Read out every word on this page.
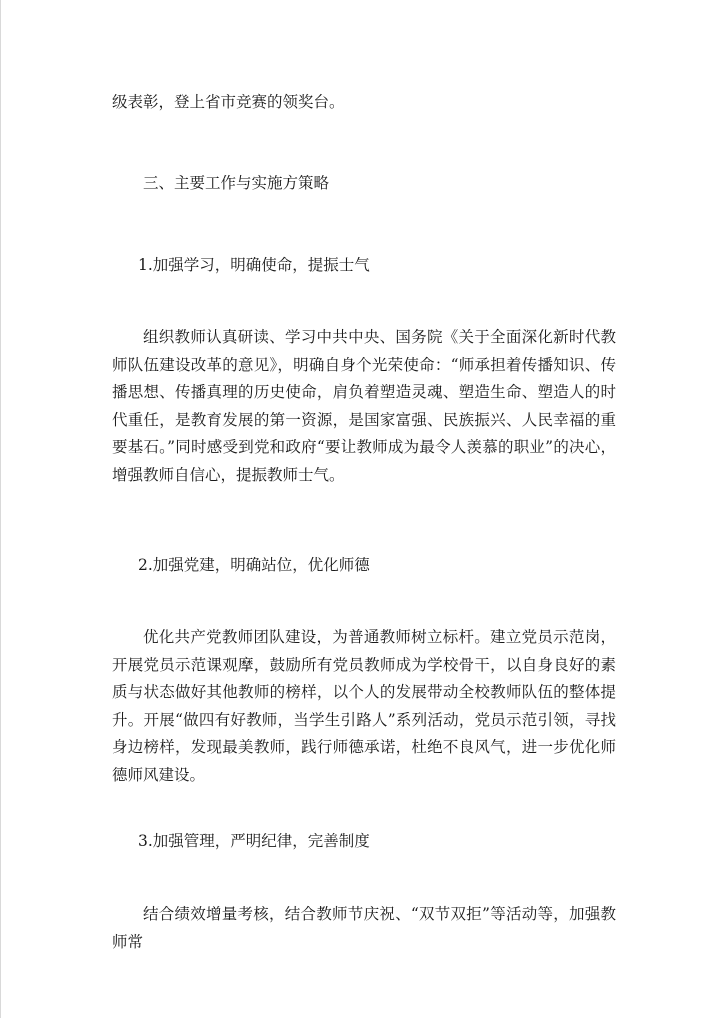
级表彰，登上省市竞赛的领奖台。
三、主要工作与实施方策略
1.加强学习，明确使命，提振士气
组织教师认真研读、学习中共中央、国务院《关于全面深化新时代教师队伍建设改革的意见》，明确自身个光荣使命：“师承担着传播知识、传播思想、传播真理的历史使命，肩负着塑造灵魂、塑造生命、塑造人的时代重任，是教育发展的第一资源，是国家富强、民族振兴、人民幸福的重要基石。”同时感受到党和政府“要让教师成为最令人羡慕的职业”的决心，增强教师自信心，提振教师士气。
2.加强党建，明确站位，优化师德
优化共产党教师团队建设，为普通教师树立标杆。建立党员示范岗，开展党员示范课观摩，鼓励所有党员教师成为学校骨干，以自身良好的素质与状态做好其他教师的榜样，以个人的发展带动全校教师队伍的整体提升。开展“做四有好教师，当学生引路人”系列活动，党员示范引领，寻找身边榜样，发现最美教师，践行师德承诺，杜绝不良风气，进一步优化师德师风建设。
3.加强管理，严明纪律，完善制度
结合绩效增量考核，结合教师节庆祝、“双节双拒”等活动等，加强教师常
